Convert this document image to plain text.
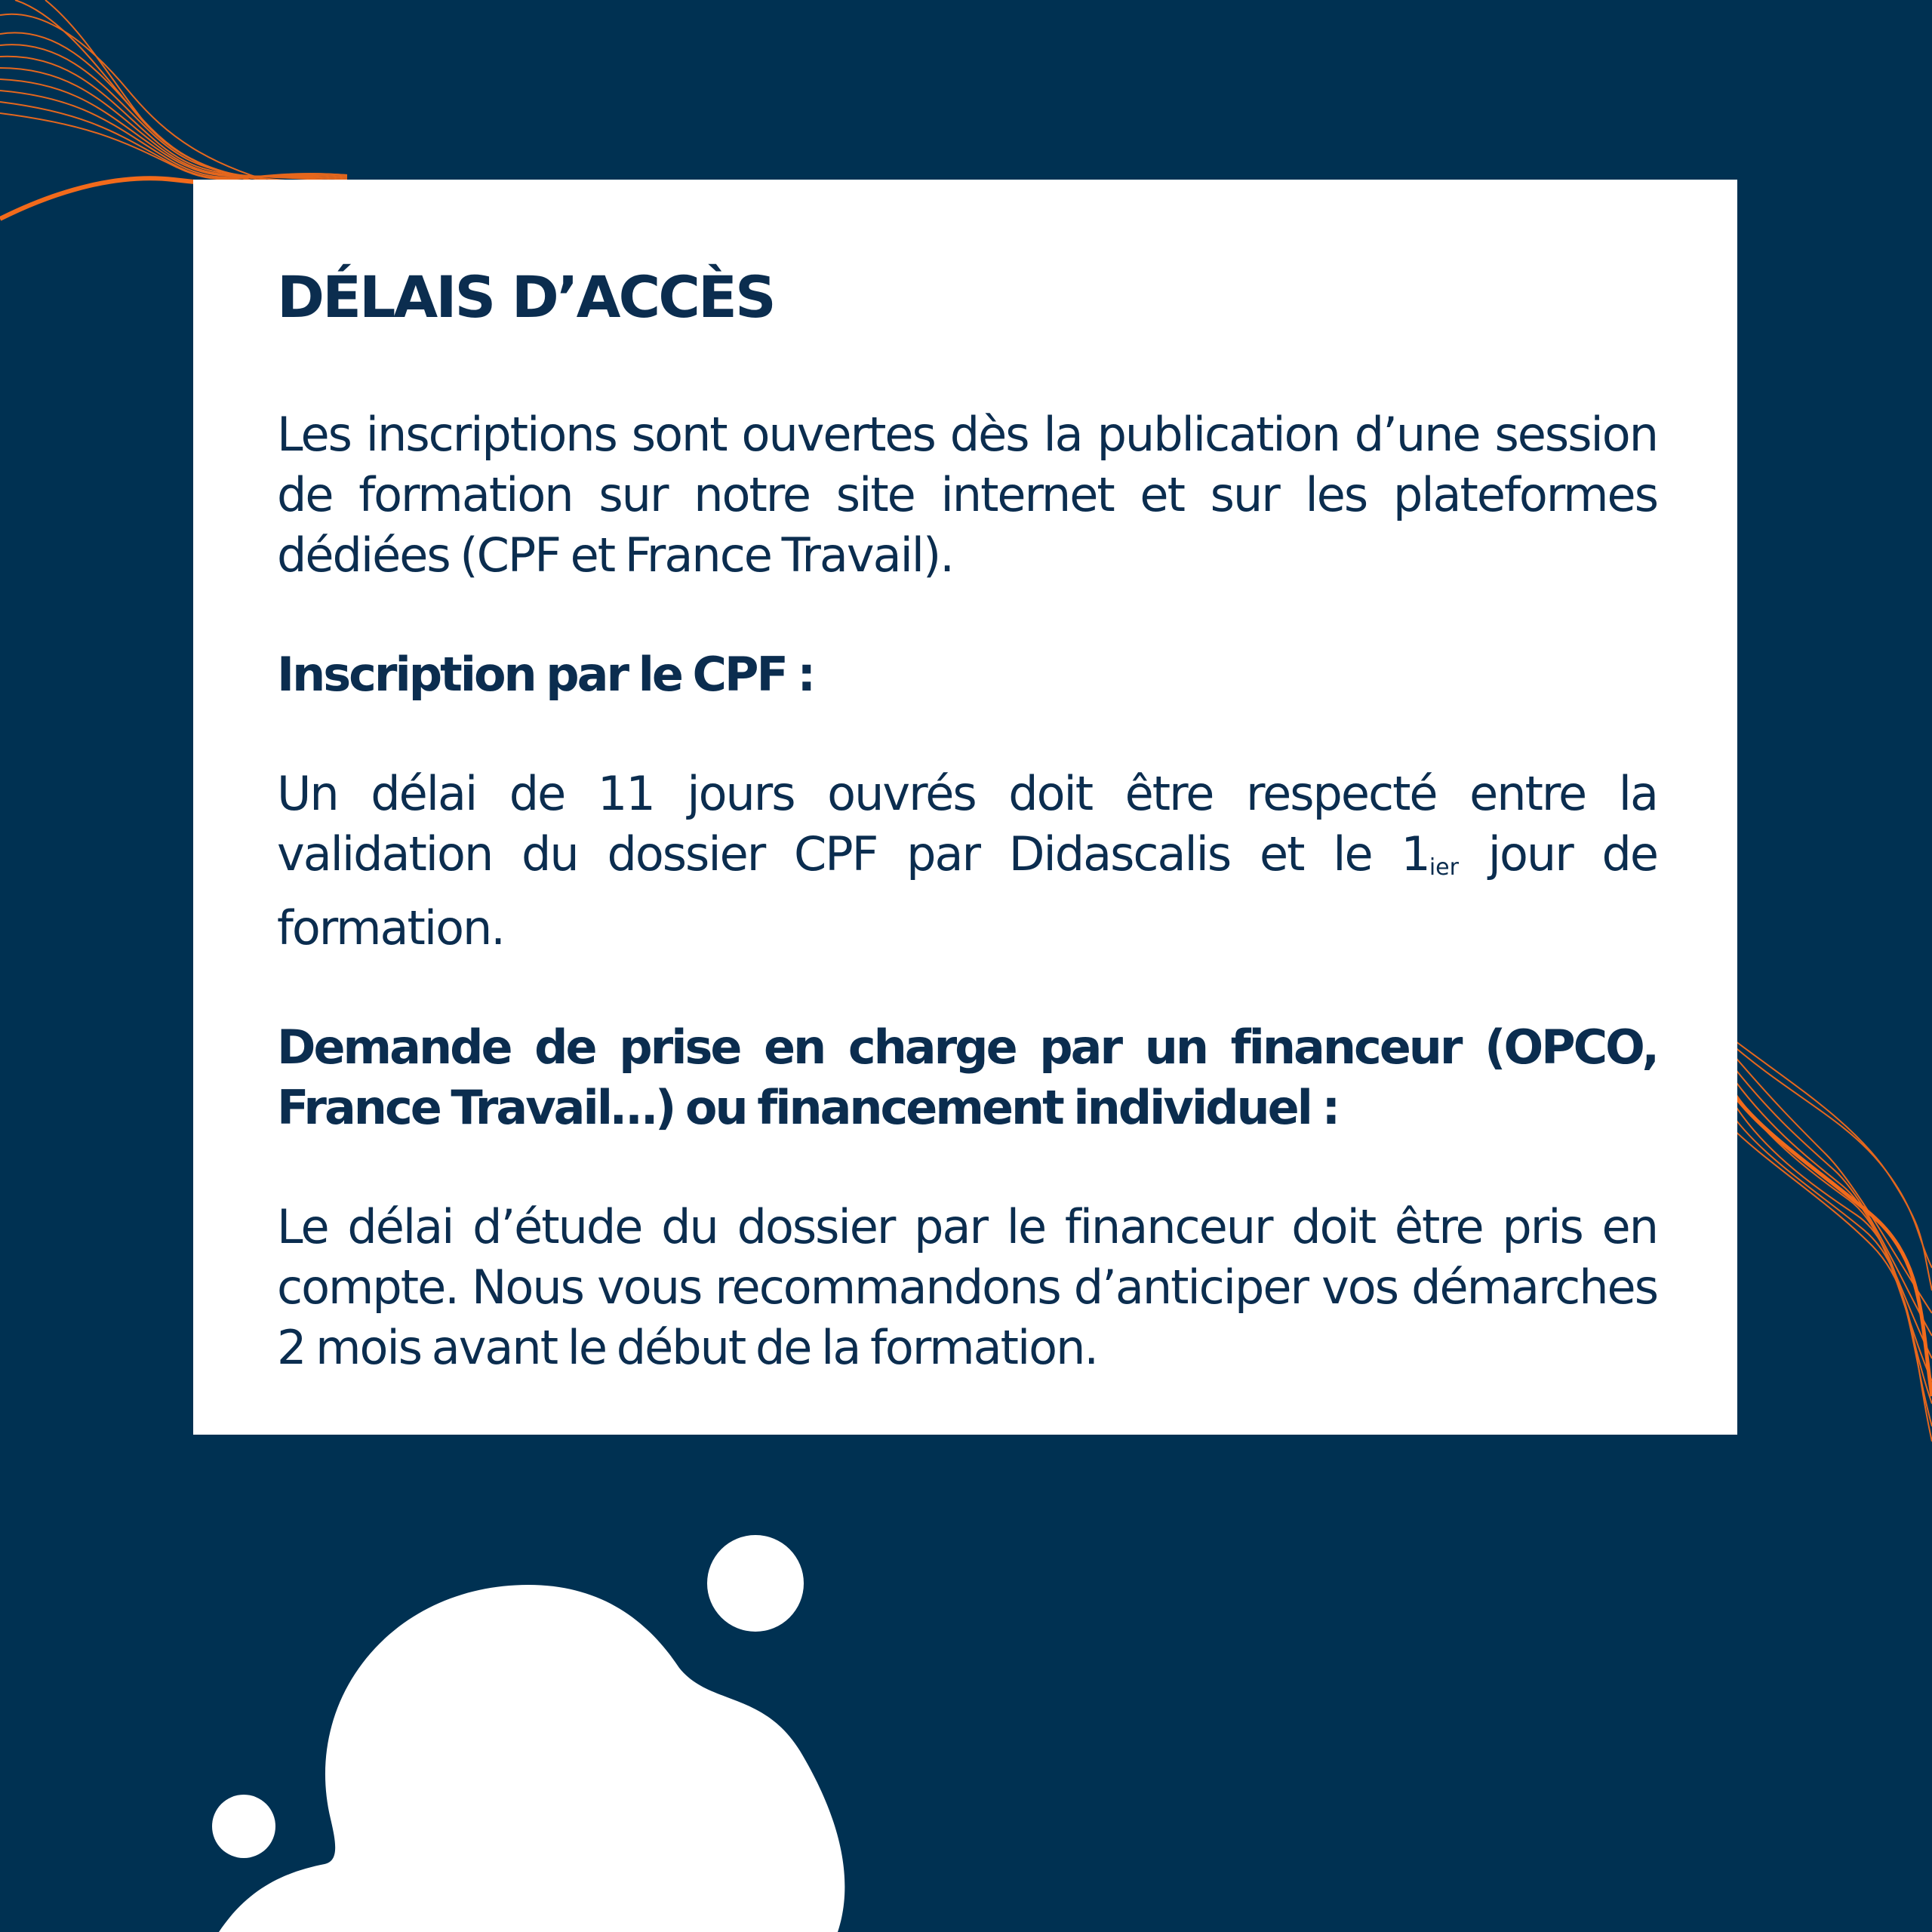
DÉLAIS D’ACCÈS

Les inscriptions sont ouvertes dès la publication d’une session de formation sur notre site internet et sur les plateformes dédiées (CPF et France Travail).

Inscription par le CPF :

Un délai de 11 jours ouvrés doit être respecté entre la validation du dossier CPF par Didascalis et le $1_{ier}$ jour de formation.

Demande de prise en charge par un financeur (OPCO, France Travail…) ou financement individuel :

Le délai d’étude du dossier par le financeur doit être pris en compte. Nous vous recommandons d’anticiper vos démarches 2 mois avant le début de la formation.
